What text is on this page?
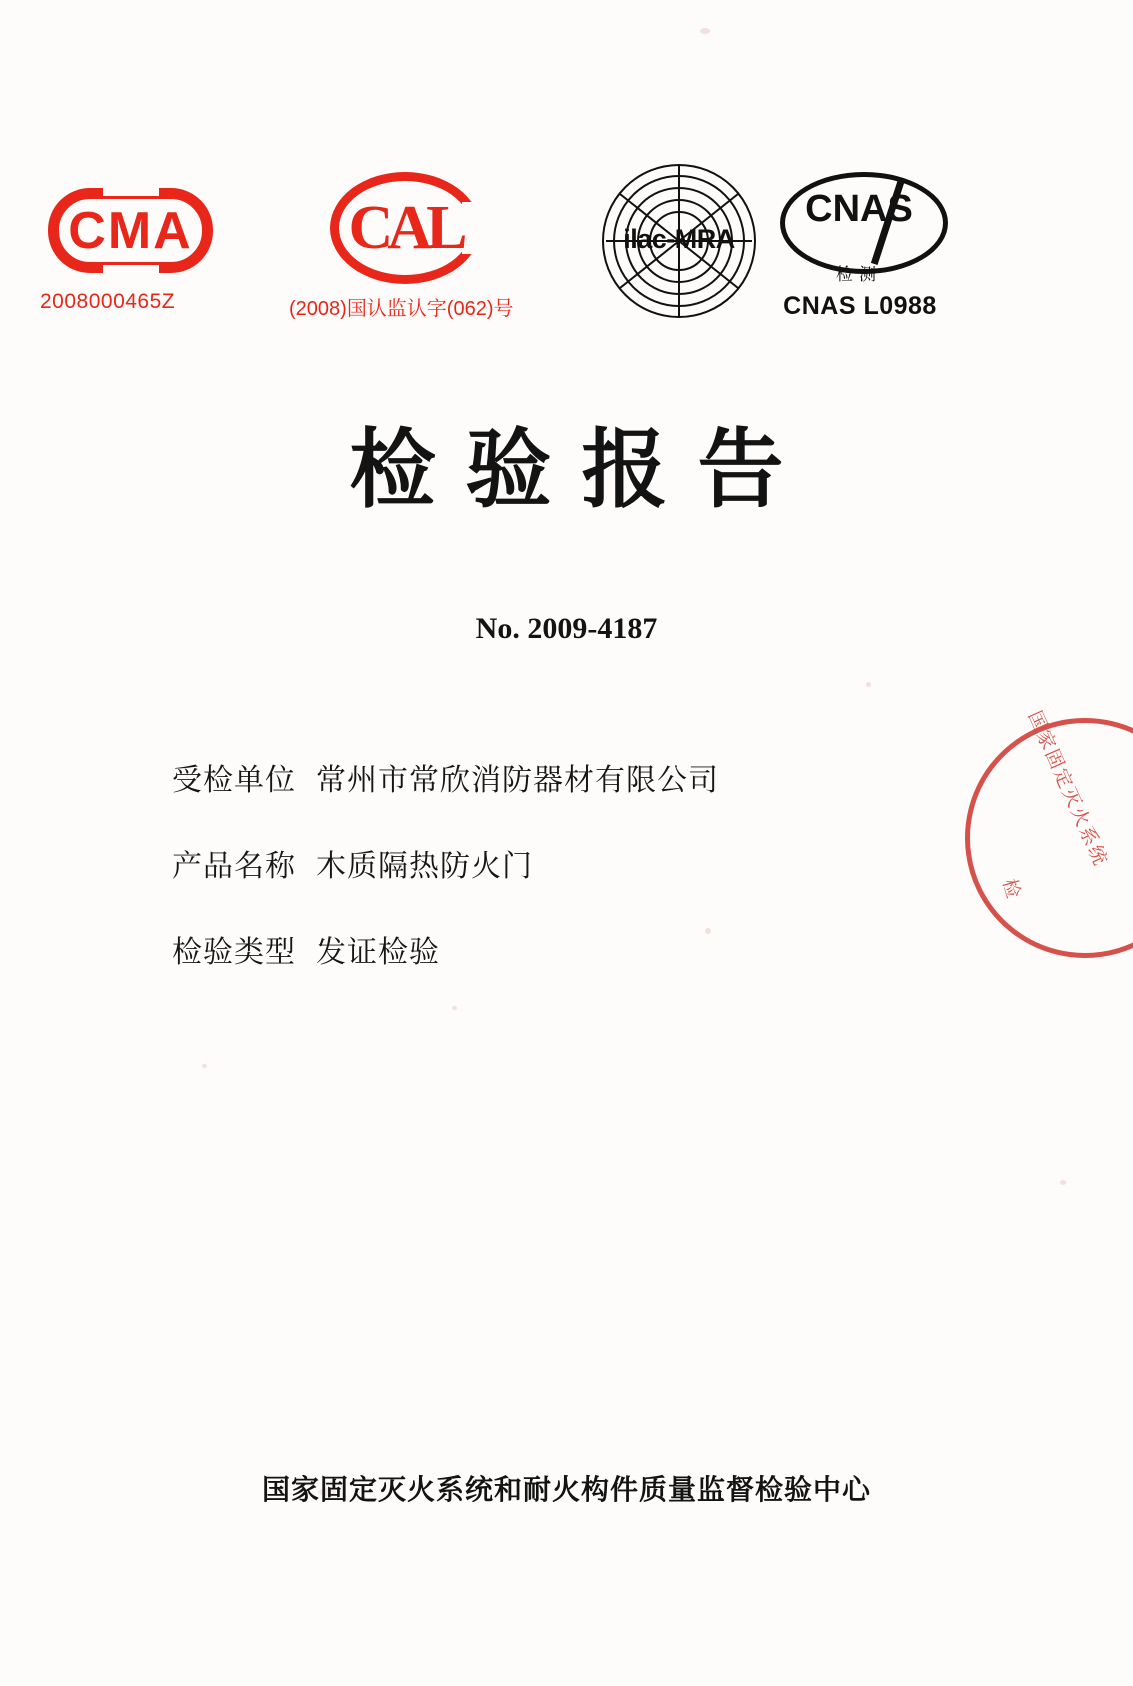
CMA
2008000465Z
CAL
(2008)国认监认字(062)号
ilac-MRA
CNAS
检测
CNAS L0988
检验报告
No. 2009-4187
受检单位 常州市常欣消防器材有限公司
产品名称 木质隔热防火门
检验类型 发证检验
国家固定灭火系统
检
国家固定灭火系统和耐火构件质量监督检验中心
